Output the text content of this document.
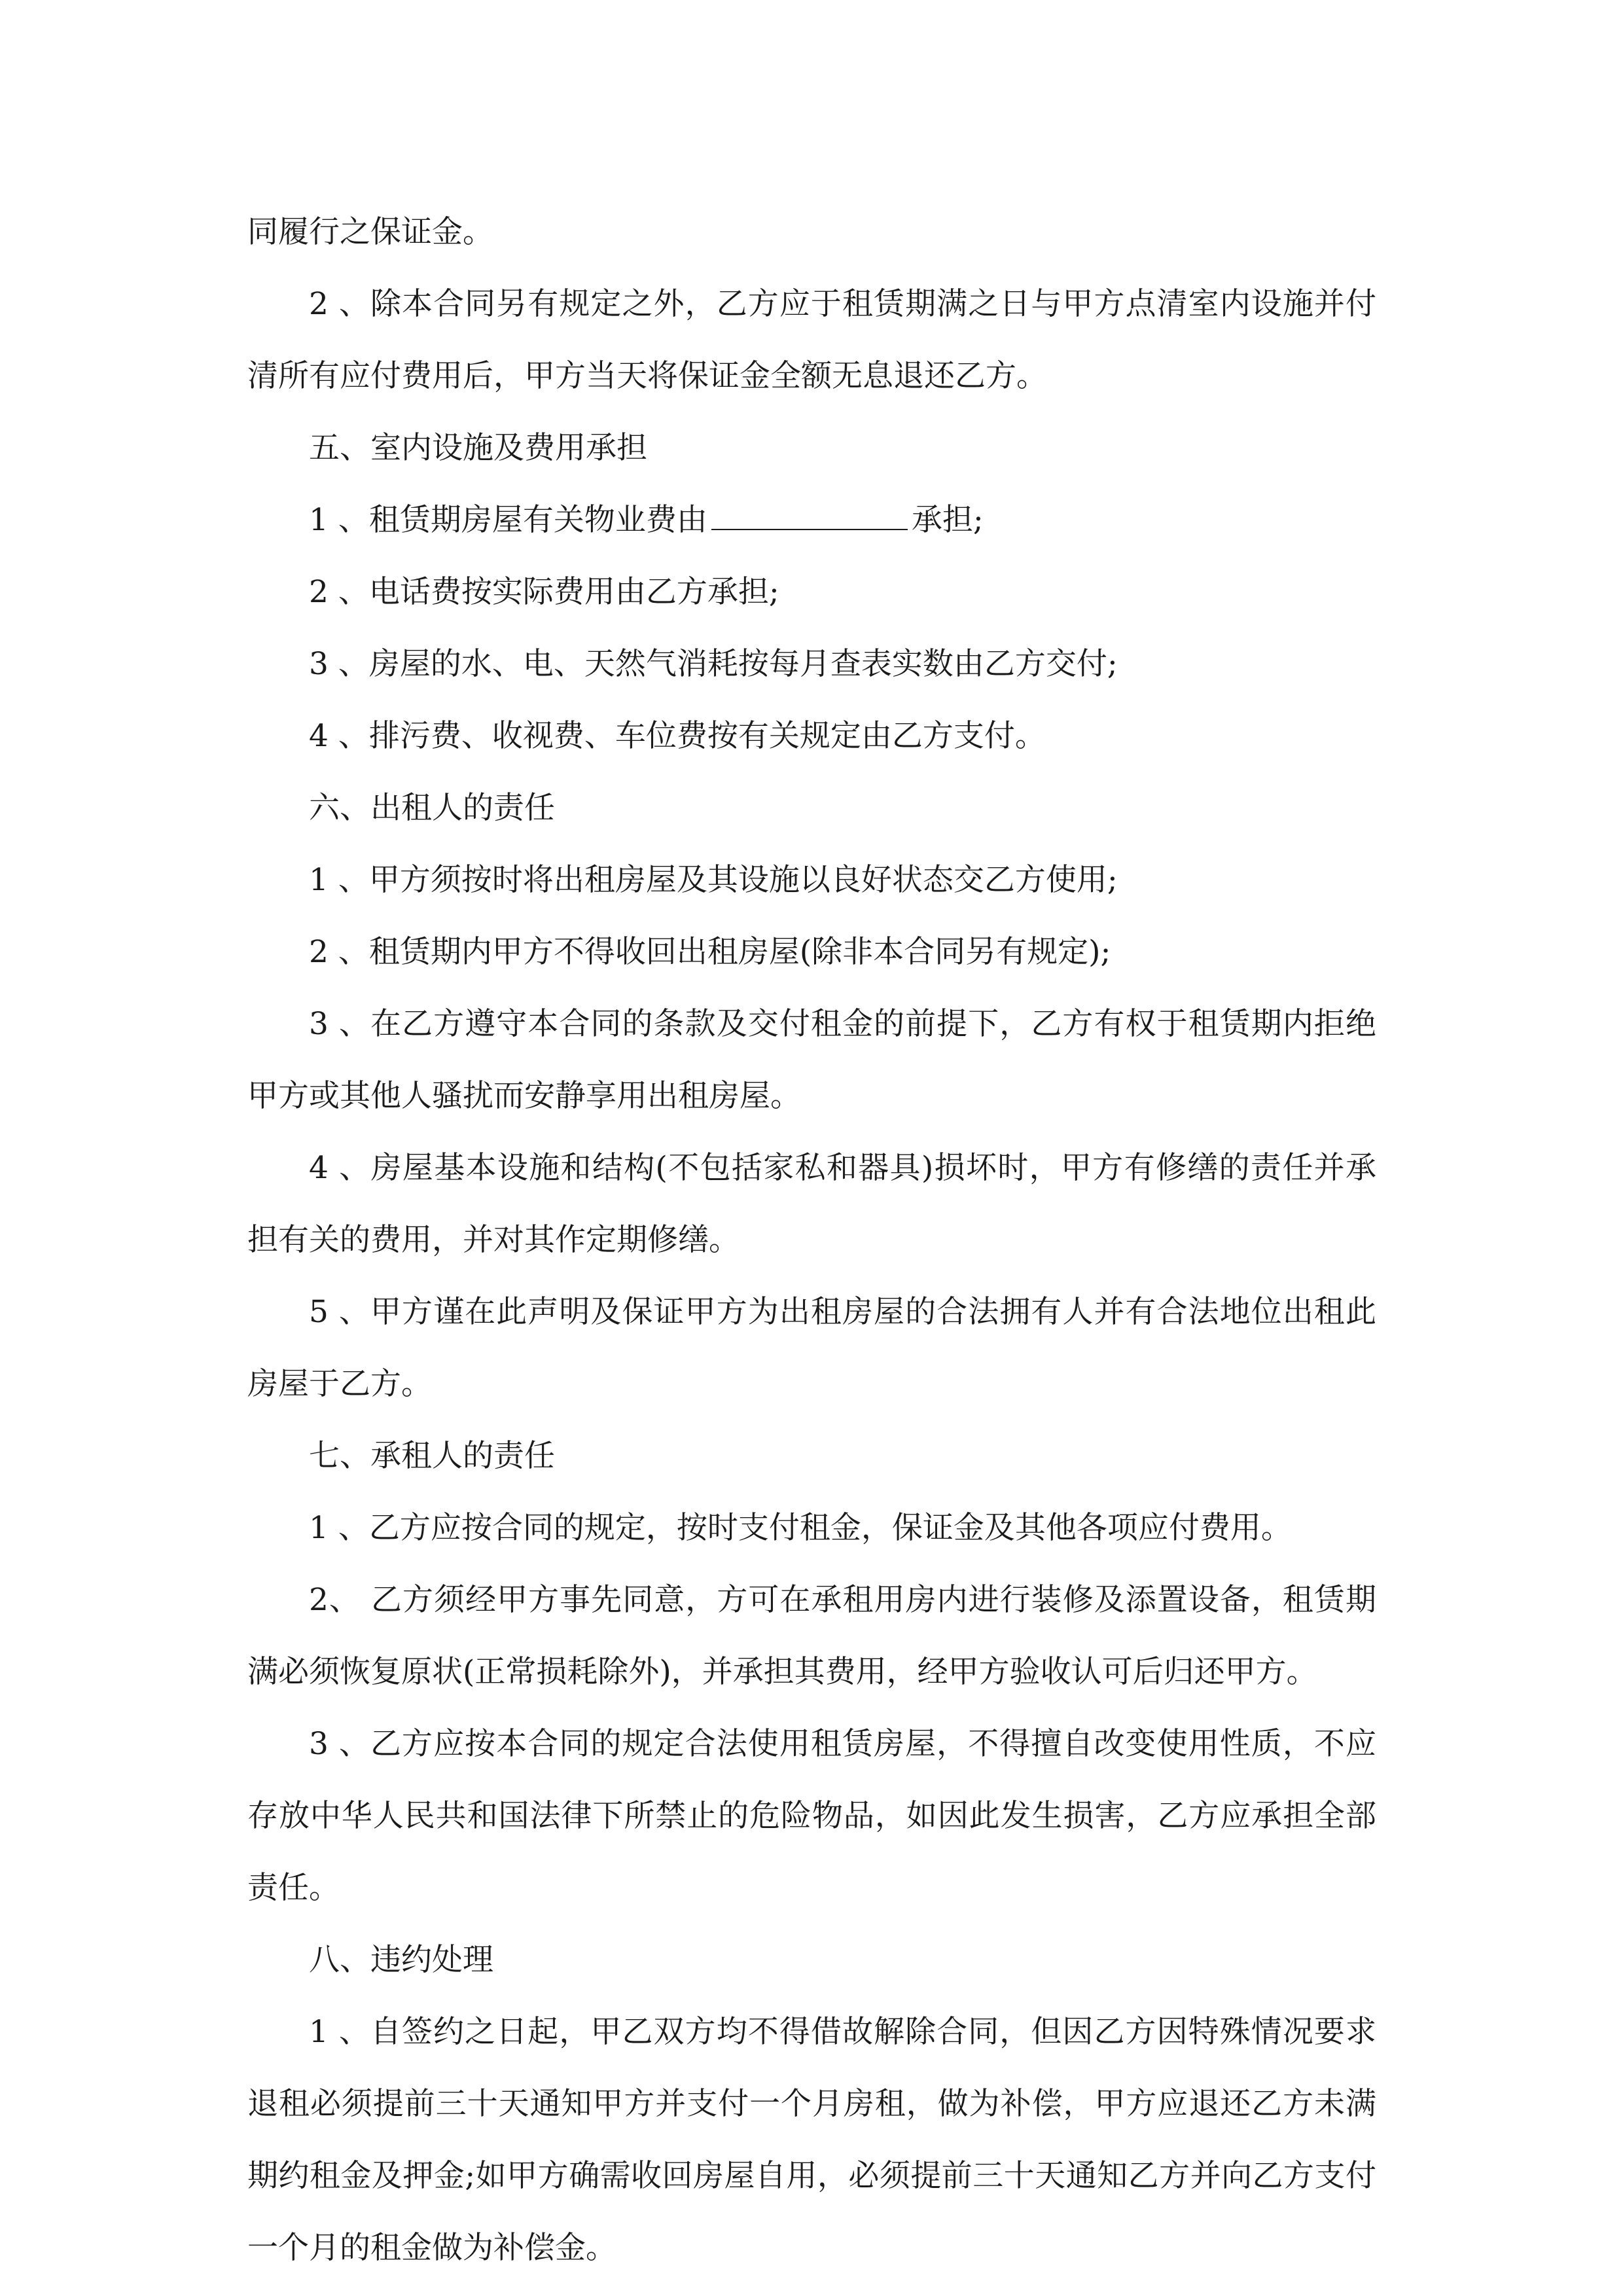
同履行之保证金。

2 、除本合同另有规定之外，乙方应于租赁期满之日与甲方点清室内设施并付清所有应付费用后，甲方当天将保证金全额无息退还乙方。

五、室内设施及费用承担

1 、租赁期房屋有关物业费由	承担;

2 、电话费按实际费用由乙方承担;

3 、房屋的水、电、天然气消耗按每月查表实数由乙方交付;

4 、排污费、收视费、车位费按有关规定由乙方支付。

六、出租人的责任

1 、甲方须按时将出租房屋及其设施以良好状态交乙方使用;

2 、租赁期内甲方不得收回出租房屋(除非本合同另有规定);

3 、在乙方遵守本合同的条款及交付租金的前提下，乙方有权于租赁期内拒绝甲方或其他人骚扰而安静享用出租房屋。

4 、房屋基本设施和结构(不包括家私和器具)损坏时，甲方有修缮的责任并承担有关的费用，并对其作定期修缮。

5 、甲方谨在此声明及保证甲方为出租房屋的合法拥有人并有合法地位出租此房屋于乙方。

七、承租人的责任

1 、乙方应按合同的规定，按时支付租金，保证金及其他各项应付费用。

2、 乙方须经甲方事先同意，方可在承租用房内进行装修及添置设备，租赁期满必须恢复原状(正常损耗除外)，并承担其费用，经甲方验收认可后归还甲方。

3 、乙方应按本合同的规定合法使用租赁房屋，不得擅自改变使用性质，不应存放中华人民共和国法律下所禁止的危险物品，如因此发生损害，乙方应承担全部责任。

八、违约处理

1 、自签约之日起，甲乙双方均不得借故解除合同，但因乙方因特殊情况要求退租必须提前三十天通知甲方并支付一个月房租，做为补偿，甲方应退还乙方未满期约租金及押金;如甲方确需收回房屋自用，必须提前三十天通知乙方并向乙方支付一个月的租金做为补偿金。
